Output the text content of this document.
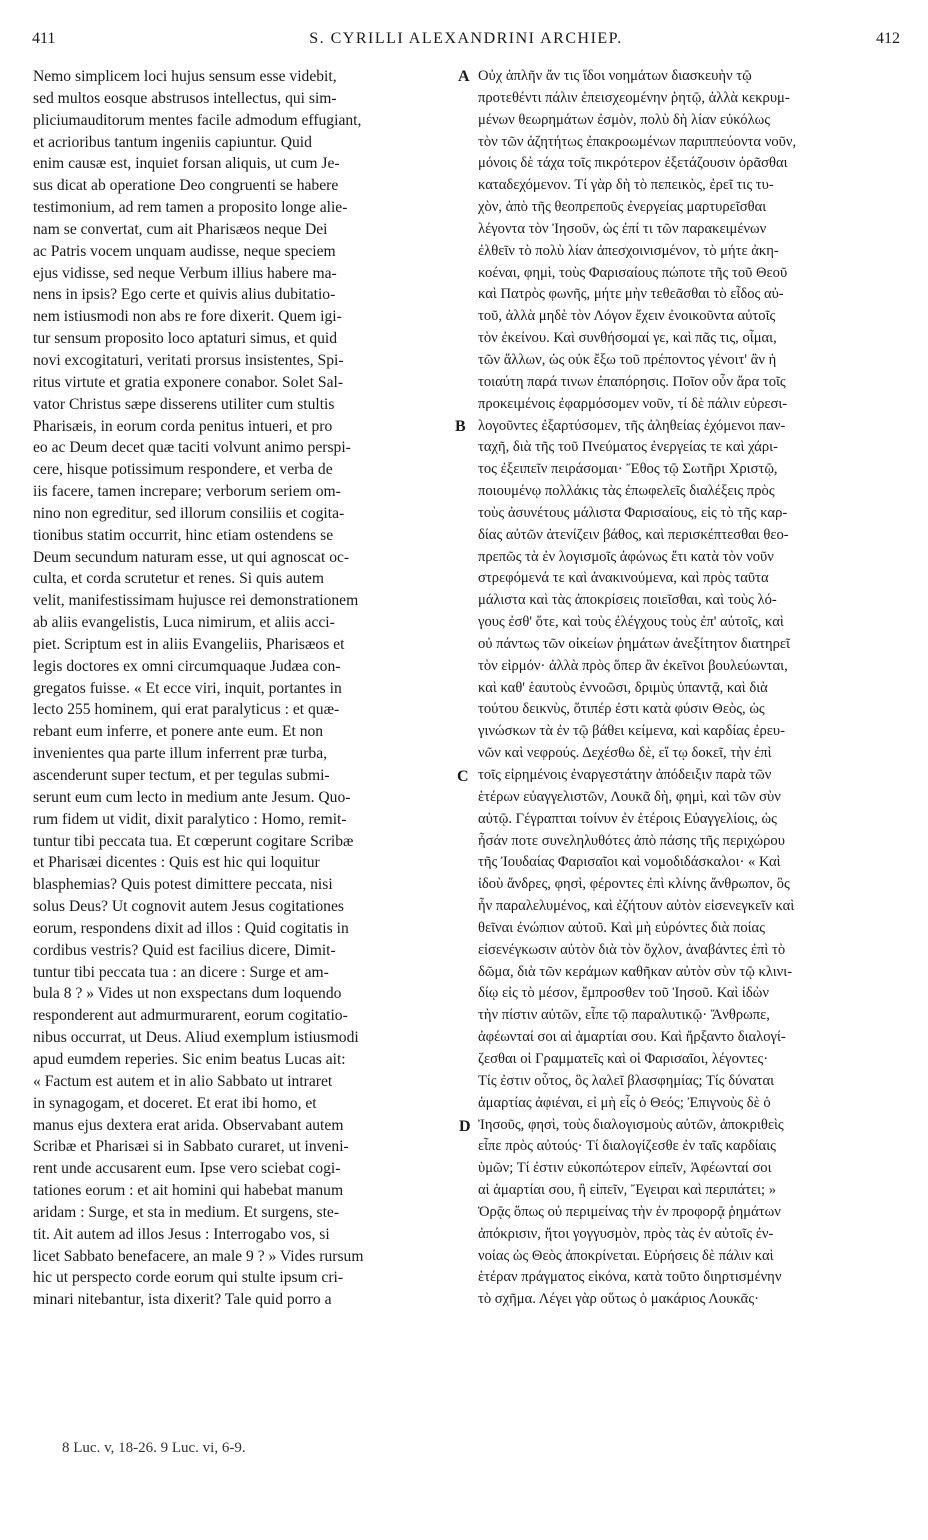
411	S. CYRILLI ALEXANDRINI ARCHIEP.	412
Nemo simplicem loci hujus sensum esse videbit,
sed multos eosque abstrusos intellectus, qui sim-
pliciumauditorum mentes facile admodum effugiant,
et acrioribus tantum ingeniis capiuntur. Quid
enim causæ est, inquiet forsan aliquis, ut cum Je-
sus dicat ab operatione Deo congruenti se habere
testimonium, ad rem tamen a proposito longe alie-
nam se convertat, cum ait Pharisæos neque Dei
ac Patris vocem unquam audisse, neque speciem
ejus vidisse, sed neque Verbum illius habere ma-
nens in ipsis? Ego certe et quivis alius dubitatio-
nem istiusmodi non abs re fore dixerit. Quem igi-
tur sensum proposito loco aptaturi simus, et quid
novi excogitaturi, veritati prorsus insistentes, Spi-
ritus virtute et gratia exponere conabor. Solet Sal-
vator Christus sæpe disserens utiliter cum stultis
Pharisæis, in eorum corda penitus intueri, et pro
eo ac Deum decet quæ taciti volvunt animo perspi-
cere, hisque potissimum respondere, et verba de
iis facere, tamen increpare; verborum seriem om-
nino non egreditur, sed illorum consiliis et cogita-
tionibus statim occurrit, hinc etiam ostendens se
Deum secundum naturam esse, ut qui agnoscat oc-
culta, et corda scrutetur et renes. Si quis autem
velit, manifestissimam hujusce rei demonstrationem
ab aliis evangelistis, Luca nimirum, et aliis acci-
piet. Scriptum est in aliis Evangeliis, Pharisæos et
legis doctores ex omni circumquaque Judæa con-
gregatos fuisse. « Et ecce viri, inquit, portantes in
lecto 255 hominem, qui erat paralyticus : et quæ-
rebant eum inferre, et ponere ante eum. Et non
invenientes qua parte illum inferrent præ turba,
ascenderunt super tectum, et per tegulas submi-
serunt eum cum lecto in medium ante Jesum. Quo-
rum fidem ut vidit, dixit paralytico : Homo, remit-
tuntur tibi peccata tua. Et cœperunt cogitare Scribæ
et Pharisæi dicentes : Quis est hic qui loquitur
blasphemias? Quis potest dimittere peccata, nisi
solus Deus? Ut cognovit autem Jesus cogitationes
eorum, respondens dixit ad illos : Quid cogitatis in
cordibus vestris? Quid est facilius dicere, Dimit-
tuntur tibi peccata tua : an dicere : Surge et am-
bula 8 ? » Vides ut non exspectans dum loquendo
responderent aut admurmurarent, eorum cogitatio-
nibus occurrat, ut Deus. Aliud exemplum istiusmodi
apud eumdem reperies. Sic enim beatus Lucas ait:
« Factum est autem et in alio Sabbato ut intraret
in synagogam, et doceret. Et erat ibi homo, et
manus ejus dextera erat arida. Observabant autem
Scribæ et Pharisæi si in Sabbato curaret, ut inveni-
rent unde accusarent eum. Ipse vero sciebat cogi-
tationes eorum : et ait homini qui habebat manum
aridam : Surge, et sta in medium. Et surgens, ste-
tit. Ait autem ad illos Jesus : Interrogabo vos, si
licet Sabbato benefacere, an male 9 ? » Vides rursum
hic ut perspecto corde eorum qui stulte ipsum cri-
minari nitebantur, ista dixerit? Tale quid porro a
A
B
C
D
Οὐχ ἁπλῆν ἄν τις ἴδοι νοημάτων διασκευὴν τῷ
προτεθέντι πάλιν ἐπεισχεομένην ῥητῷ, ἀλλὰ κεκρυμ-
μένων θεωρημάτων ἐσμὸν, πολὺ δὴ λίαν εὐκόλως
τὸν τῶν ἀζητήτως ἐπακροωμένων παριππεύοντα νοῦν,
μόνοις δὲ τάχα τοῖς πικρότερον ἐξετάζουσιν ὁρᾶσθαι
καταδεχόμενον. Τί γὰρ δὴ τὸ πεπεικὸς, ἐρεῖ τις τυ-
χὸν, ἀπὸ τῆς θεοπρεποῦς ἐνεργείας μαρτυρεῖσθαι
λέγοντα τὸν Ἰησοῦν, ὡς ἐπί τι τῶν παρακειμένων
ἐλθεῖν τὸ πολὺ λίαν ἀπεσχοινισμένον, τὸ μήτε ἀκη-
κοέναι, φημὶ, τοὺς Φαρισαίους πώποτε τῆς τοῦ Θεοῦ
καὶ Πατρὸς φωνῆς, μήτε μὴν τεθεᾶσθαι τὸ εἶδος αὐ-
τοῦ, ἀλλὰ μηδὲ τὸν Λόγον ἔχειν ἐνοικοῦντα αὐτοῖς
τὸν ἐκείνου. Καὶ συνθήσομαί γε, καὶ πᾶς τις, οἶμαι,
τῶν ἄλλων, ὡς οὐκ ἔξω τοῦ πρέποντος γένοιτ' ἂν ἡ
τοιαύτη παρά τινων ἐπαπόρησις. Ποῖον οὖν ἄρα τοῖς
προκειμένοις ἐφαρμόσομεν νοῦν, τί δὲ πάλιν εὑρεσι-
λογοῦντες ἐξαρτύσομεν, τῆς ἀληθείας ἐχόμενοι παν-
ταχῆ, διὰ τῆς τοῦ Πνεύματος ἐνεργείας τε καὶ χάρι-
τος ἐξειπεῖν πειράσομαι· Ἔθος τῷ Σωτῆρι Χριστῷ,
ποιουμένῳ πολλάκις τὰς ἐπωφελεῖς διαλέξεις πρὸς
τοὺς ἀσυνέτους μάλιστα Φαρισαίους, εἰς τὸ τῆς καρ-
δίας αὐτῶν ἀτενίζειν βάθος, καὶ περισκέπτεσθαι θεο-
πρεπῶς τὰ ἐν λογισμοῖς ἀφώνως ἔτι κατὰ τὸν νοῦν
στρεφόμενά τε καὶ ἀνακινούμενα, καὶ πρὸς ταῦτα
μάλιστα καὶ τὰς ἀποκρίσεις ποιεῖσθαι, καὶ τοὺς λό-
γους ἐσθ' ὅτε, καὶ τοὺς ἐλέγχους τοὺς ἐπ' αὐτοῖς, καὶ
οὐ πάντως τῶν οἰκείων ῥημάτων ἀνεξίτητον διατηρεῖ
τὸν εἱρμόν· ἀλλὰ πρὸς ὅπερ ἂν ἐκεῖνοι βουλεύωνται,
καὶ καθ' ἑαυτοὺς ἐννοῶσι, δριμὺς ὑπαντᾷ, καὶ διὰ
τούτου δεικνὺς, ὅτιπέρ ἐστι κατὰ φύσιν Θεὸς, ὡς
γινώσκων τὰ ἐν τῷ βάθει κείμενα, καὶ καρδίας ἐρευ-
νῶν καὶ νεφρούς. Δεχέσθω δὲ, εἴ τῳ δοκεῖ, τὴν ἐπὶ
τοῖς εἰρημένοις ἐναργεστάτην ἀπόδειξιν παρὰ τῶν
ἑτέρων εὐαγγελιστῶν, Λουκᾶ δὴ, φημὶ, καὶ τῶν σὺν
αὐτῷ. Γέγραπται τοίνυν ἐν ἑτέροις Εὐαγγελίοις, ὡς
ἦσάν ποτε συνεληλυθότες ἀπὸ πάσης τῆς περιχώρου
τῆς Ἰουδαίας Φαρισαῖοι καὶ νομοδιδάσκαλοι· « Καὶ
ἰδοὺ ἄνδρες, φησὶ, φέροντες ἐπὶ κλίνης ἄνθρωπον, ὃς
ἦν παραλελυμένος, καὶ ἐζήτουν αὐτὸν εἰσενεγκεῖν καὶ
θεῖναι ἐνώπιον αὐτοῦ. Καὶ μὴ εὑρόντες διὰ ποίας
εἰσενέγκωσιν αὐτὸν διὰ τὸν ὄχλον, ἀναβάντες ἐπὶ τὸ
δῶμα, διὰ τῶν κεράμων καθῆκαν αὐτὸν σὺν τῷ κλινι-
δίῳ εἰς τὸ μέσον, ἔμπροσθεν τοῦ Ἰησοῦ. Καὶ ἰδὼν
τὴν πίστιν αὐτῶν, εἶπε τῷ παραλυτικῷ· Ἄνθρωπε,
ἀφέωνταί σοι αἱ ἁμαρτίαι σου. Καὶ ἤρξαντο διαλογί-
ζεσθαι οἱ Γραμματεῖς καὶ οἱ Φαρισαῖοι, λέγοντες·
Τίς ἐστιν οὗτος, ὃς λαλεῖ βλασφημίας; Τίς δύναται
ἁμαρτίας ἀφιέναι, εἰ μὴ εἷς ὁ Θεός; Ἐπιγνοὺς δὲ ὁ
Ἰησοῦς, φησὶ, τοὺς διαλογισμοὺς αὐτῶν, ἀποκριθεὶς
εἶπε πρὸς αὐτούς· Τί διαλογίζεσθε ἐν ταῖς καρδίαις
ὑμῶν; Τί ἐστιν εὐκοπώτερον εἰπεῖν, Ἀφέωνταί σοι
αἱ ἁμαρτίαι σου, ἢ εἰπεῖν, Ἔγειραι καὶ περιπάτει; »
Ὁρᾷς ὅπως οὐ περιμείνας τὴν ἐν προφορᾷ ῥημάτων
ἀπόκρισιν, ἤτοι γογγυσμὸν, πρὸς τὰς ἐν αὐτοῖς ἐν-
νοίας ὡς Θεὸς ἀποκρίνεται. Εὑρήσεις δὲ πάλιν καὶ
ἑτέραν πράγματος εἰκόνα, κατὰ τοῦτο διηρτισμένην
τὸ σχῆμα. Λέγει γὰρ οὕτως ὁ μακάριος Λουκᾶς·
8 Luc. v, 18-26. 9 Luc. vi, 6-9.
